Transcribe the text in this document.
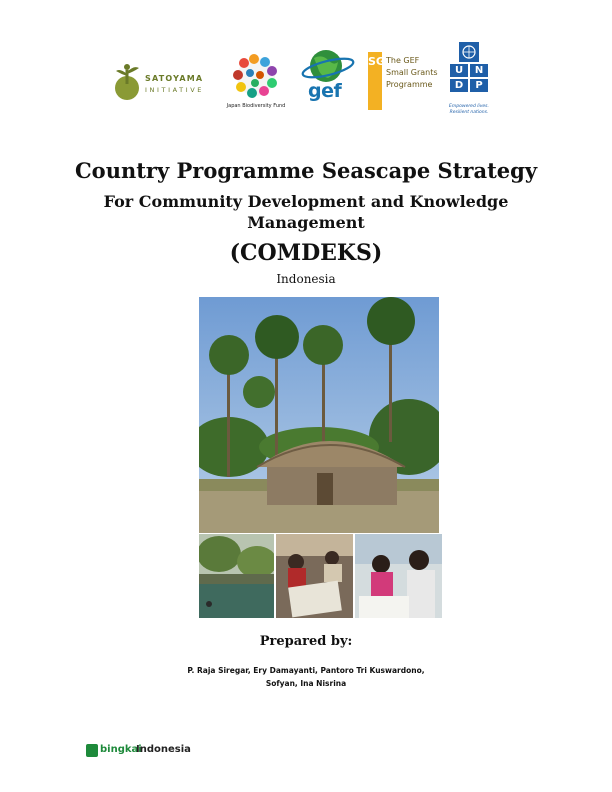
SATOYAMA
INITIATIVE
Japan Biodiversity Fund
gef
SGP
The GEF
Small Grants
Programme
U	N
D	P
Empowered lives.
Resilient nations.
Country Programme Seascape Strategy
For Community Development and Knowledge Management
(COMDEKS)
Indonesia
Prepared by:
P. Raja Siregar, Ery Damayanti, Pantoro Tri Kuswardono,
Sofyan, Ina Nisrina
bingkai
Indonesia
